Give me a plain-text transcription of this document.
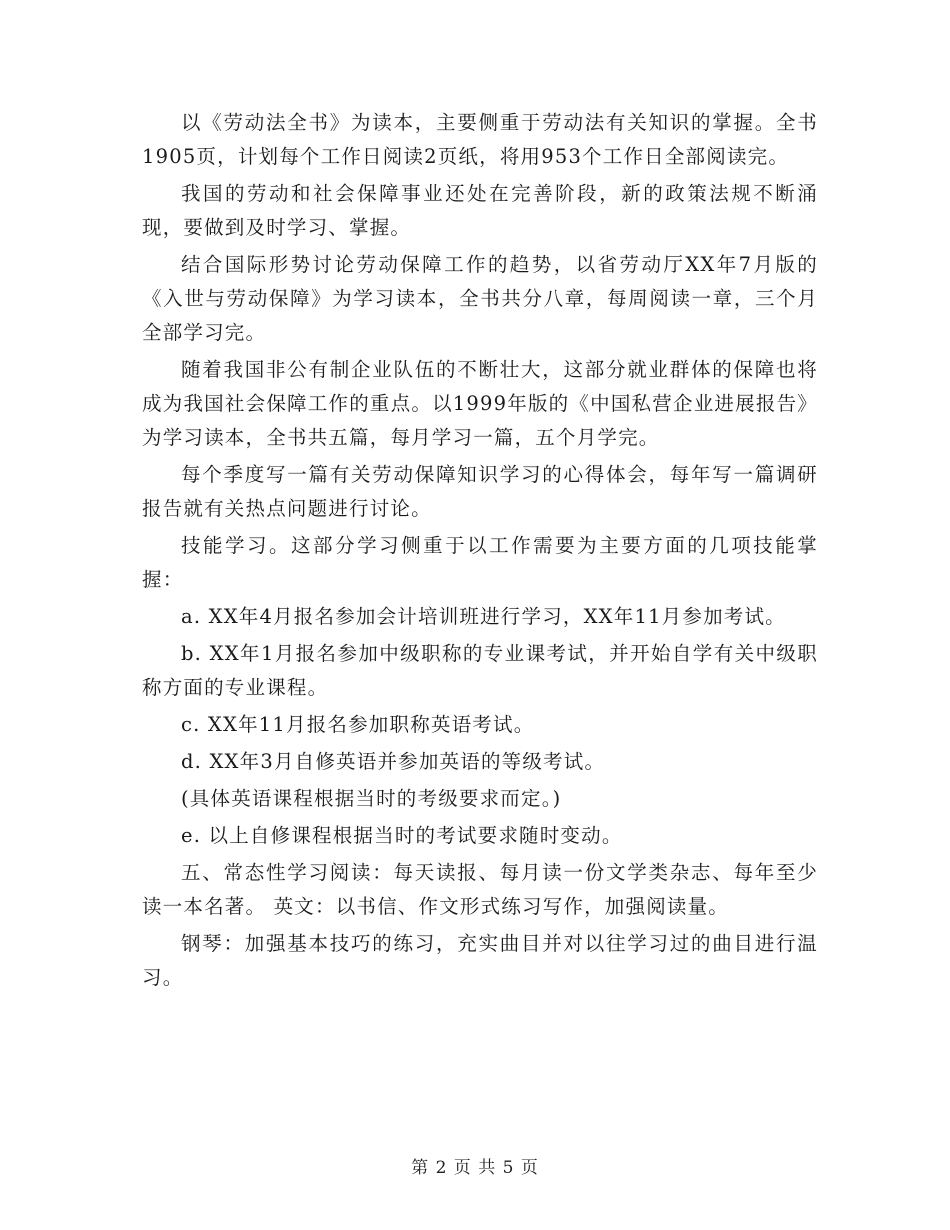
以《劳动法全书》为读本，主要侧重于劳动法有关知识的掌握。全书1905页，计划每个工作日阅读2页纸，将用953个工作日全部阅读完。

我国的劳动和社会保障事业还处在完善阶段，新的政策法规不断涌现，要做到及时学习、掌握。

结合国际形势讨论劳动保障工作的趋势，以省劳动厅XX年7月版的《入世与劳动保障》为学习读本，全书共分八章，每周阅读一章，三个月全部学习完。

随着我国非公有制企业队伍的不断壮大，这部分就业群体的保障也将成为我国社会保障工作的重点。以1999年版的《中国私营企业进展报告》为学习读本，全书共五篇，每月学习一篇，五个月学完。

每个季度写一篇有关劳动保障知识学习的心得体会，每年写一篇调研报告就有关热点问题进行讨论。

技能学习。这部分学习侧重于以工作需要为主要方面的几项技能掌握：

a. XX年4月报名参加会计培训班进行学习，XX年11月参加考试。

b. XX年1月报名参加中级职称的专业课考试，并开始自学有关中级职称方面的专业课程。

c. XX年11月报名参加职称英语考试。

d. XX年3月自修英语并参加英语的等级考试。

(具体英语课程根据当时的考级要求而定。)

e. 以上自修课程根据当时的考试要求随时变动。

五、常态性学习阅读：每天读报、每月读一份文学类杂志、每年至少读一本名著。 英文：以书信、作文形式练习写作，加强阅读量。

钢琴：加强基本技巧的练习，充实曲目并对以往学习过的曲目进行温习。

第 2 页 共 5 页
